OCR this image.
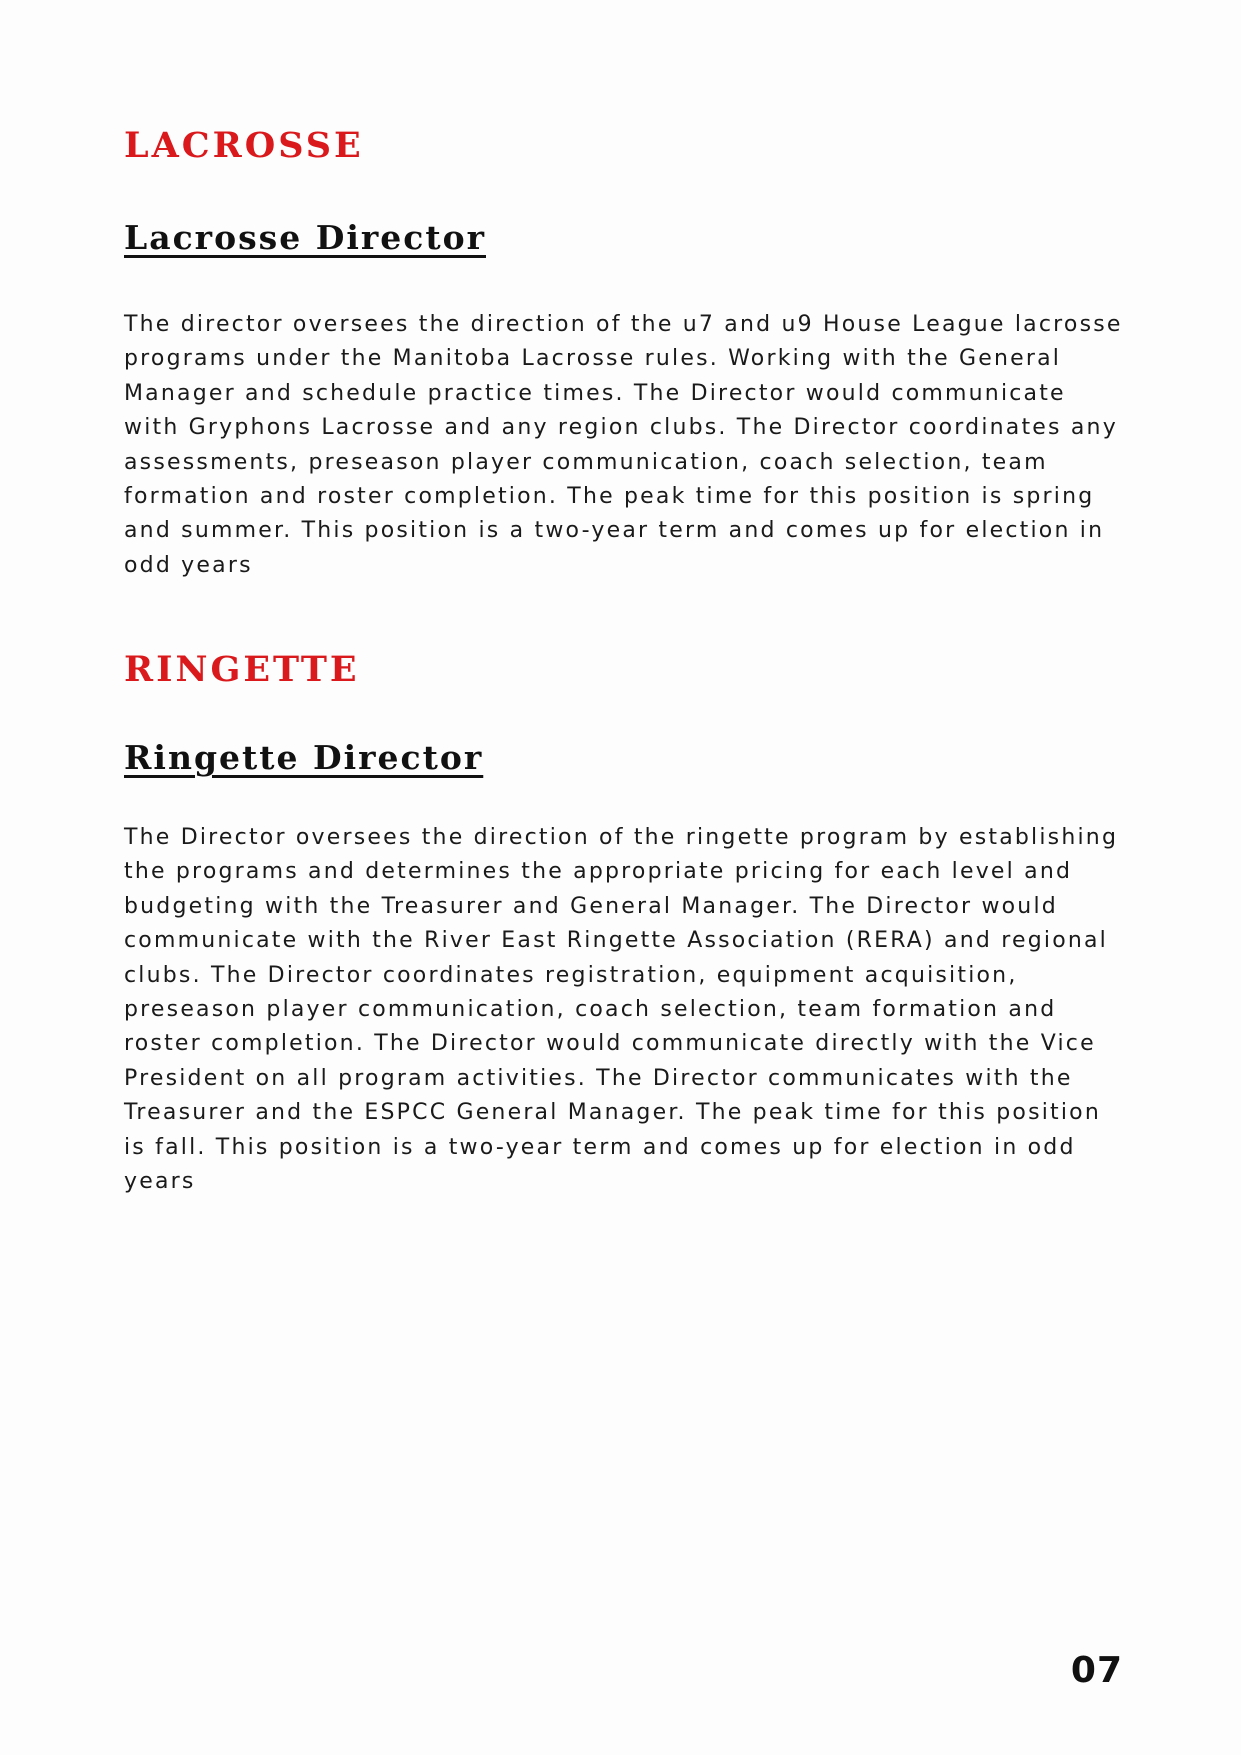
LACROSSE
Lacrosse Director

The director oversees the direction of the u7 and u9 House League lacrosse programs under the Manitoba Lacrosse rules. Working with the General Manager and schedule practice times. The Director would communicate with Gryphons Lacrosse and any region clubs. The Director coordinates any assessments, preseason player communication, coach selection, team formation and roster completion. The peak time for this position is spring and summer. This position is a two-year term and comes up for election in odd years

RINGETTE
Ringette Director

The Director oversees the direction of the ringette program by establishing the programs and determines the appropriate pricing for each level and budgeting with the Treasurer and General Manager. The Director would communicate with the River East Ringette Association (RERA) and regional clubs. The Director coordinates registration, equipment acquisition, preseason player communication, coach selection, team formation and roster completion. The Director would communicate directly with the Vice President on all program activities. The Director communicates with the Treasurer and the ESPCC General Manager. The peak time for this position is fall. This position is a two-year term and comes up for election in odd years

07
